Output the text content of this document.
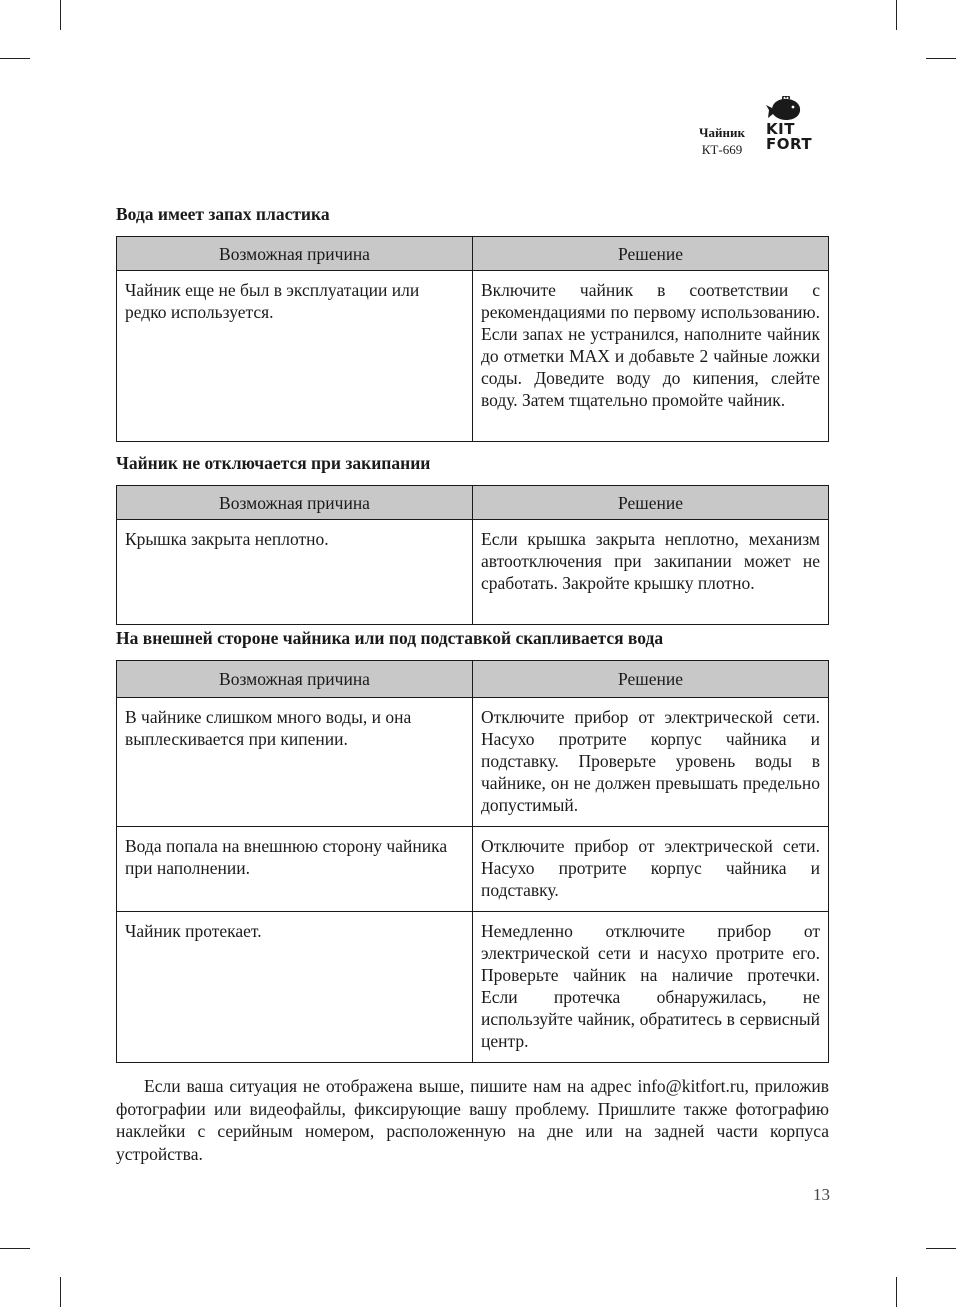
Чайник
КТ-669
KIT
FORT
Вода имеет запах пластика
Возможная причина	Решение
Чайник еще не был в эксплуатации или редко используется.	Включите чайник в соответствии с рекомендациями по первому использованию. Если запах не устранился, наполните чайник до отметки MAX и добавьте 2 чайные ложки соды. Доведите воду до кипения, слейте воду. Затем тщательно промойте чайник.
Чайник не отключается при закипании
Возможная причина	Решение
Крышка закрыта неплотно.	Если крышка закрыта неплотно, механизм автоотключения при закипании может не сработать. Закройте крышку плотно.
На внешней стороне чайника или под подставкой скапливается вода
Возможная причина	Решение
В чайнике слишком много воды, и она выплескивается при кипении.	Отключите прибор от электрической сети. Насухо протрите корпус чайника и подставку. Проверьте уровень воды в чайнике, он не должен превышать предельно допустимый.
Вода попала на внешнюю сторону чайника при наполнении.	Отключите прибор от электрической сети. Насухо протрите корпус чайника и подставку.
Чайник протекает.	Немедленно отключите прибор от электрической сети и насухо протрите его. Проверьте чайник на наличие протечки. Если протечка обнаружилась, не используйте чайник, обратитесь в сервисный центр.
Если ваша ситуация не отображена выше, пишите нам на адрес info@kitfort.ru, приложив фотографии или видеофайлы, фиксирующие вашу проблему. Пришлите также фотографию наклейки с серийным номером, расположенную на дне или на задней части корпуса устройства.
13
